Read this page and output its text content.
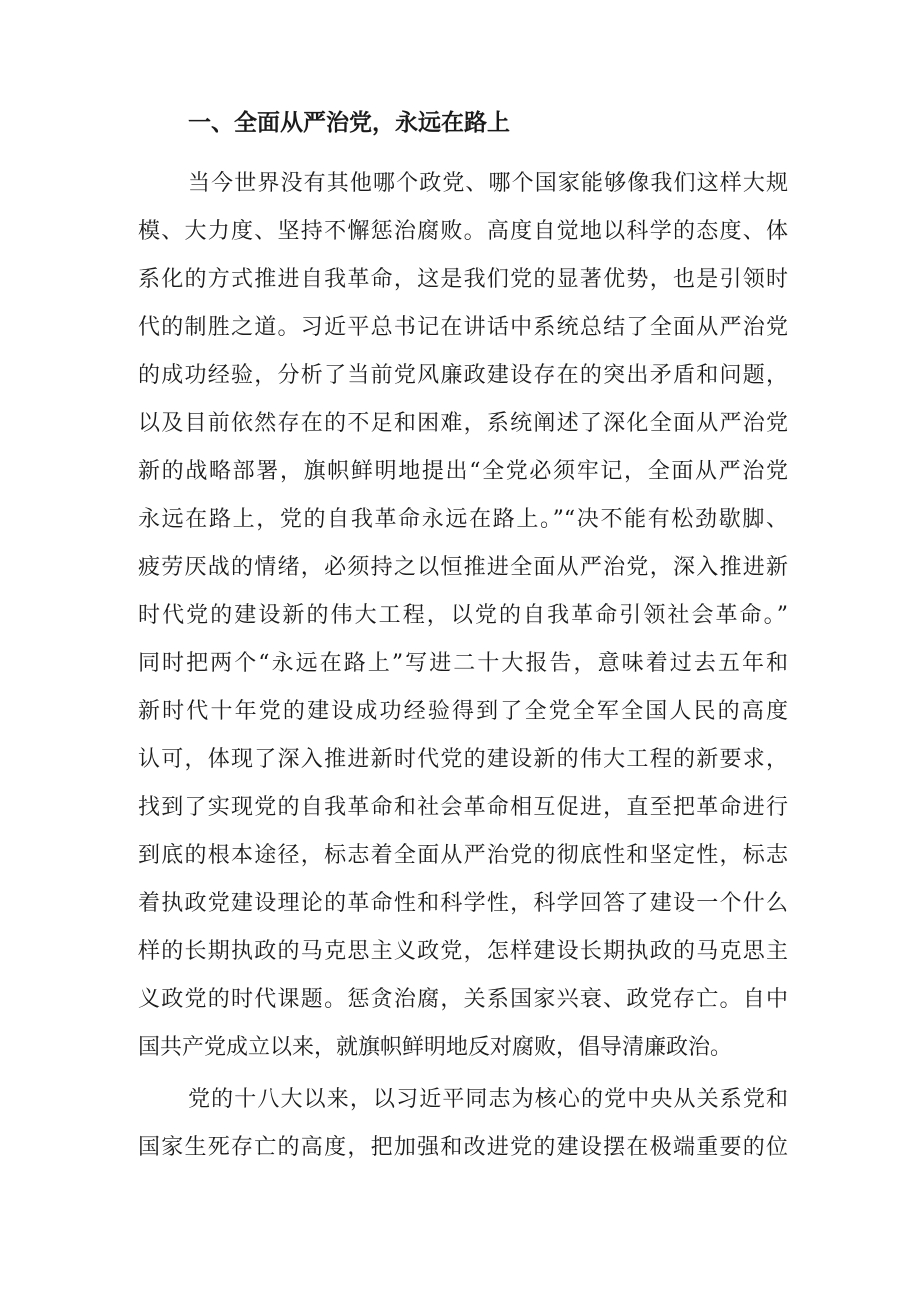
一、全面从严治党，永远在路上
当今世界没有其他哪个政党、哪个国家能够像我们这样大规
模、大力度、坚持不懈惩治腐败。高度自觉地以科学的态度、体
系化的方式推进自我革命，这是我们党的显著优势，也是引领时
代的制胜之道。习近平总书记在讲话中系统总结了全面从严治党
的成功经验，分析了当前党风廉政建设存在的突出矛盾和问题，
以及目前依然存在的不足和困难，系统阐述了深化全面从严治党
新的战略部署，旗帜鲜明地提出“全党必须牢记，全面从严治党
永远在路上，党的自我革命永远在路上。”“决不能有松劲歇脚、
疲劳厌战的情绪，必须持之以恒推进全面从严治党，深入推进新
时代党的建设新的伟大工程，以党的自我革命引领社会革命。”
同时把两个“永远在路上”写进二十大报告，意味着过去五年和
新时代十年党的建设成功经验得到了全党全军全国人民的高度
认可，体现了深入推进新时代党的建设新的伟大工程的新要求，
找到了实现党的自我革命和社会革命相互促进，直至把革命进行
到底的根本途径，标志着全面从严治党的彻底性和坚定性，标志
着执政党建设理论的革命性和科学性，科学回答了建设一个什么
样的长期执政的马克思主义政党，怎样建设长期执政的马克思主
义政党的时代课题。惩贪治腐，关系国家兴衰、政党存亡。自中
国共产党成立以来，就旗帜鲜明地反对腐败，倡导清廉政治。
党的十八大以来，以习近平同志为核心的党中央从关系党和
国家生死存亡的高度，把加强和改进党的建设摆在极端重要的位
